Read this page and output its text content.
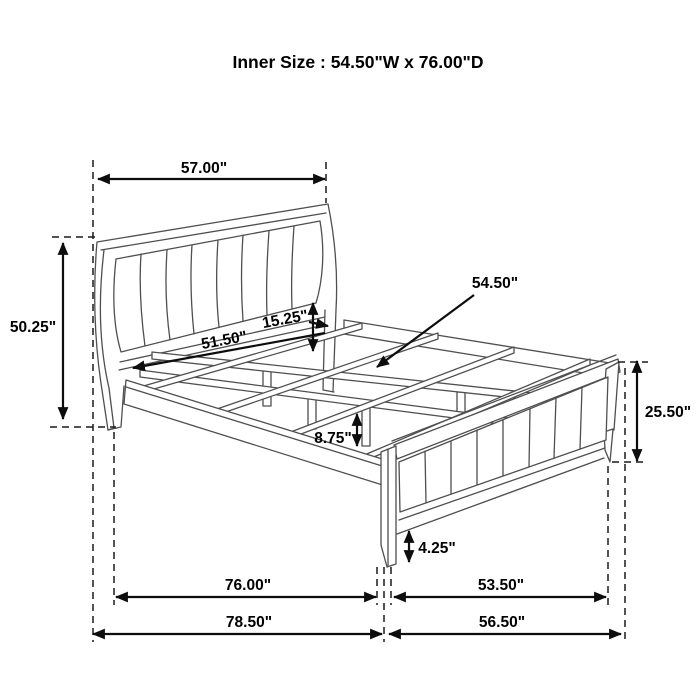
57.00"
50.25"
51.50"
15.25"
54.50"
25.50"
8.75"
4.25"
76.00"	53.50"
78.50"	56.50"
Inner Size : 54.50"W x 76.00"D
